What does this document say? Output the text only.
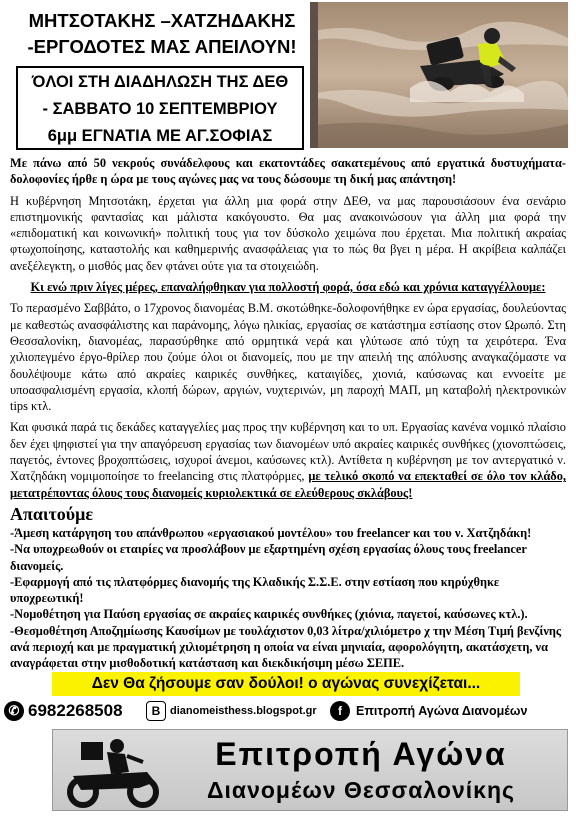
ΜΗΤΣΟΤΑΚΗΣ –ΧΑΤΖΗΔΑΚΗΣ
-ΕΡΓΟΔΟΤΕΣ ΜΑΣ ΑΠΕΙΛΟΥΝ!
ΌΛΟΙ ΣΤΗ ΔΙΑΔΗΛΩΣΗ ΤΗΣ ΔΕΘ
- ΣΑΒΒΑΤΟ 10 ΣΕΠΤΕΜΒΡΙΟΥ
6μμ ΕΓΝΑΤΙΑ ΜΕ ΑΓ.ΣΟΦΙΑΣ

Με πάνω από 50 νεκρούς συνάδελφους και εκατοντάδες σακατεμένους από εργατικά δυστυχήματα-δολοφονίες ήρθε η ώρα με τους αγώνες μας να τους δώσουμε τη δική μας απάντηση!

Η κυβέρνηση Μητσοτάκη, έρχεται για άλλη μια φορά στην ΔΕΘ, να μας παρουσιάσουν ένα σενάριο επιστημονικής φαντασίας και μάλιστα κακόγουστο. Θα μας ανακοινώσουν για άλλη μια φορά την «επιδοματική και κοινωνική» πολιτική τους για τον δύσκολο χειμώνα που έρχεται. Μια πολιτική ακραίας φτωχοποίησης, καταστολής και καθημερινής ανασφάλειας για το πώς θα βγει η μέρα. Η ακρίβεια καλπάζει ανεξέλεγκτη, ο μισθός μας δεν φτάνει ούτε για τα στοιχειώδη.

Κι ενώ πριν λίγες μέρες, επαναλήφθηκαν για πολλοστή φορά, όσα εδώ και χρόνια καταγγέλλουμε:

Το περασμένο Σαββάτο, ο 17χρονος διανομέας Β.Μ. σκοτώθηκε-δολοφονήθηκε εν ώρα εργασίας, δουλεύοντας με καθεστώς ανασφάλιστης και παράνομης, λόγω ηλικίας, εργασίας σε κατάστημα εστίασης στον Ωρωπό. Στη Θεσσαλονίκη, διανομέας, παρασύρθηκε από ορμητικά νερά και γλύτωσε από τύχη τα χειρότερα. Ένα χιλιοπεγμένο έργο-θρίλερ που ζούμε όλοι οι διανομείς, που με την απειλή της απόλυσης αναγκαζόμαστε να δουλέψουμε κάτω από ακραίες καιρικές συνθήκες, καταιγίδες, χιονιά, καύσωνας και εννοείτε με υποασφαλισμένη εργασία, κλοπή δώρων, αργιών, νυχτερινών, μη παροχή ΜΑΠ, μη καταβολή ηλεκτρονικών tips κτλ.

Και φυσικά παρά τις δεκάδες καταγγελίες μας προς την κυβέρνηση και το υπ. Εργασίας κανένα νομικό πλαίσιο δεν έχει ψηφιστεί για την απαγόρευση εργασίας των διανομέων υπό ακραίες καιρικές συνθήκες (χιονοπτώσεις, παγετός, έντονες βροχοπτώσεις, ισχυροί άνεμοι, καύσωνες κτλ). Αντίθετα η κυβέρνηση με τον αντεργατικό ν. Χατζηδάκη νομιμοποίησε το freelancing στις πλατφόρμες, με τελικό σκοπό να επεκταθεί σε όλο τον κλάδο, μετατρέποντας όλους τους διανομείς κυριολεκτικά σε ελεύθερους σκλάβους!

Απαιτούμε

-Άμεση κατάργηση του απάνθρωπου «εργασιακού μοντέλου» του freelancer και του ν. Χατζηδάκη!

-Να υποχρεωθούν οι εταιρίες να προσλάβουν με εξαρτημένη σχέση εργασίας όλους τους freelancer διανομείς.

-Εφαρμογή από τις πλατφόρμες διανομής της Κλαδικής Σ.Σ.Ε. στην εστίαση που κηρύχθηκε υποχρεωτική!

-Νομοθέτηση για Παύση εργασίας σε ακραίες καιρικές συνθήκες (χιόνια, παγετοί, καύσωνες κτλ.).

-Θεσμοθέτηση Αποζημίωσης Καυσίμων με τουλάχιστον 0,03 λίτρα/χιλιόμετρο χ την Μέση Τιμή βενζίνης ανά περιοχή και με πραγματική χιλιομέτρηση η οποία να είναι μηνιαία, αφορολόγητη, ακατάσχετη, να αναγράφεται στην μισθοδοτική κατάσταση και διεκδικήσιμη μέσω ΣΕΠΕ.

Δεν Θα ζήσουμε σαν δούλοι! ο αγώνας συνεχίζεται...
✆ 6982268508	B dianomeisthess.blogspot.gr	f	Επιτροπή Αγώνα Διανομέων
Επιτροπή Αγώνα
Διανομέων Θεσσαλονίκης
